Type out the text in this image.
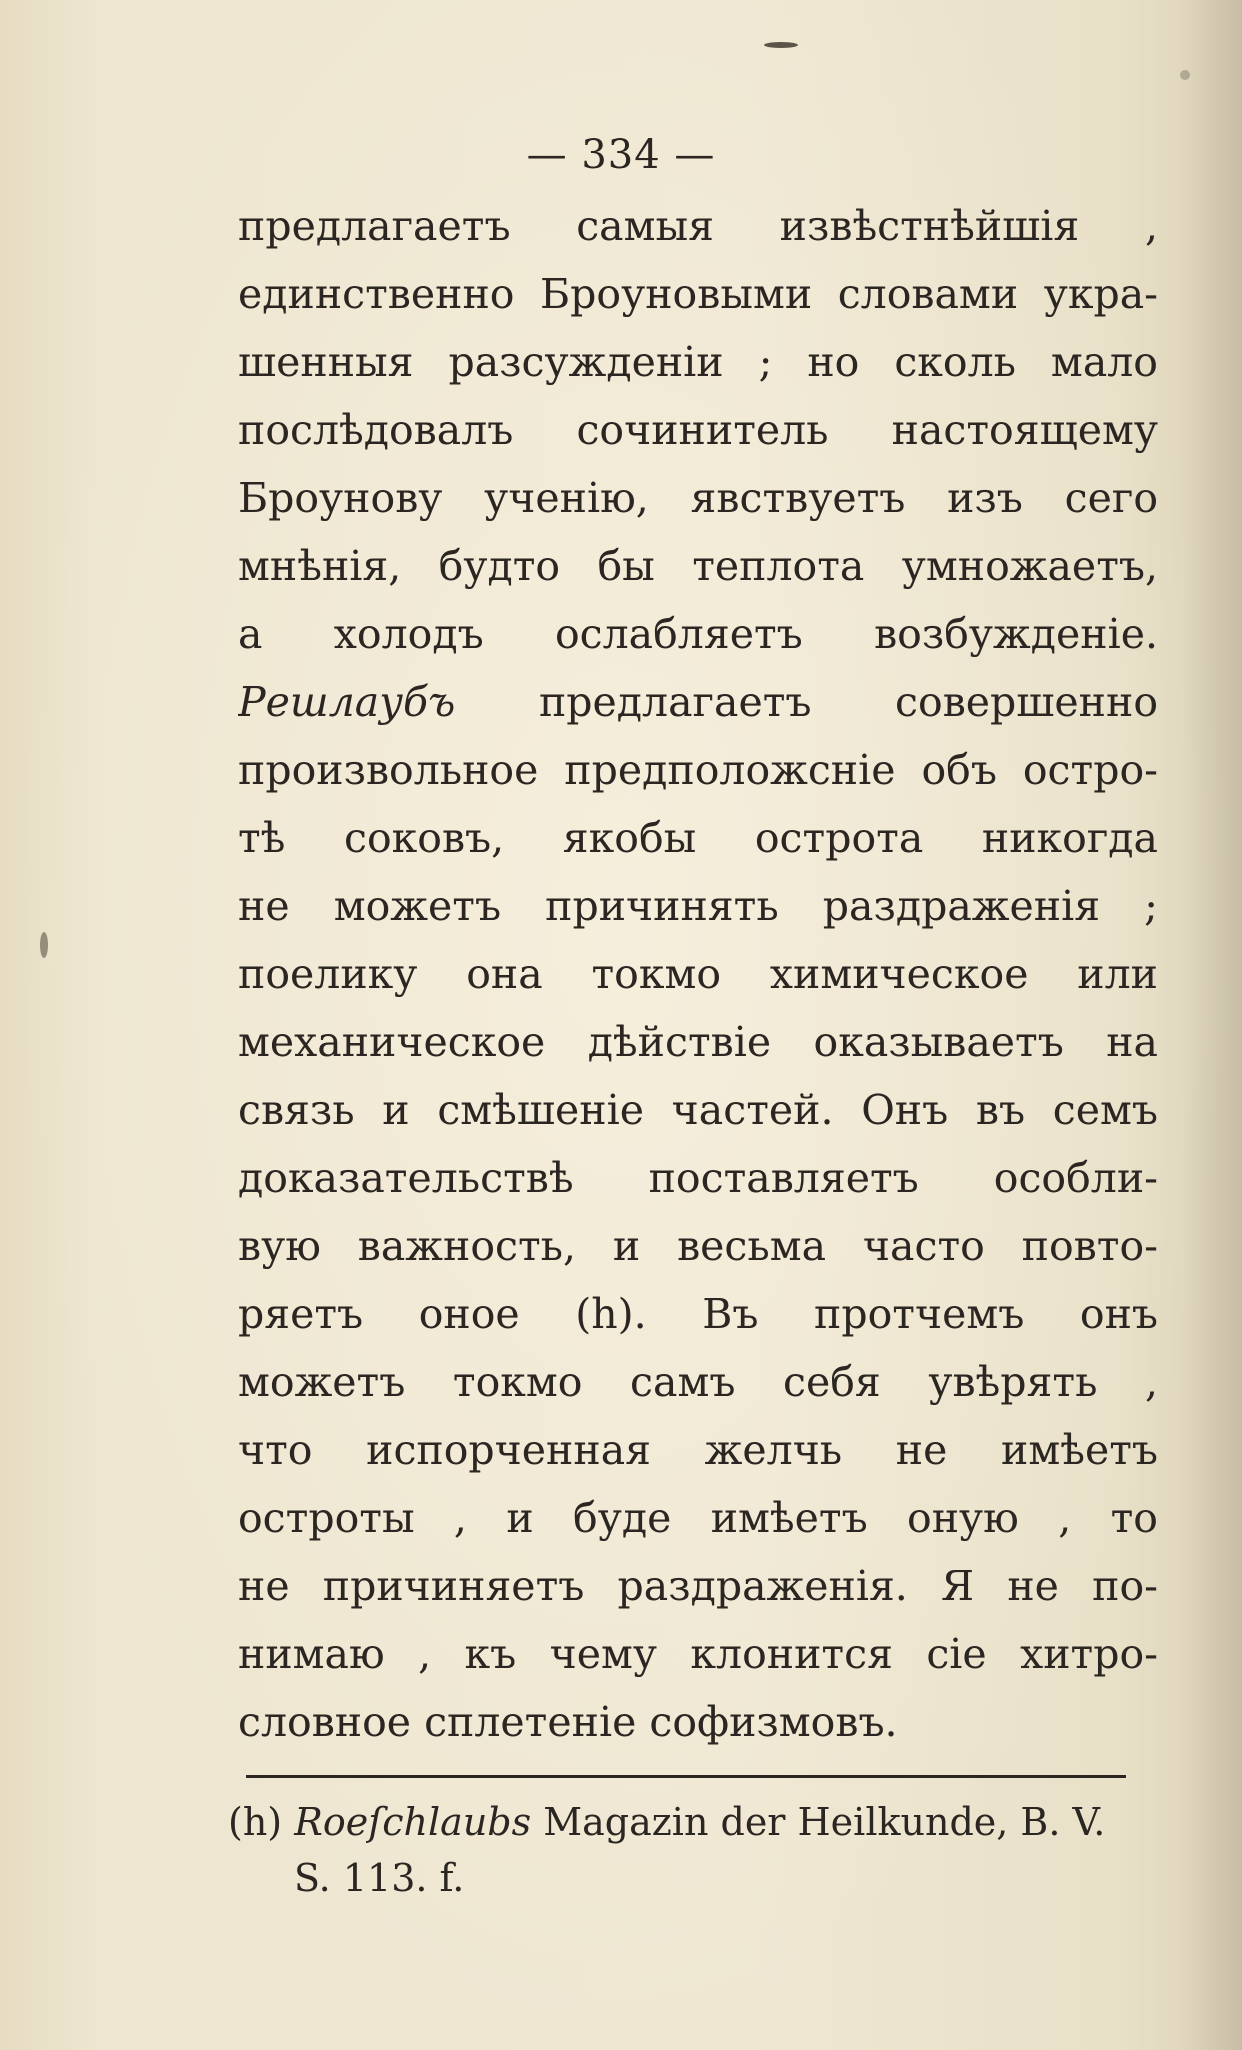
— 334 —
предлагаетъ самыя извѣстнѣйшiя ,
единственно Броуновыми словами укра-
шенныя разсужденiи ; но сколь мало
послѣдовалъ сочинитель настоящему
Броунову ученiю, явствуетъ изъ сего
мнѣнiя, будто бы теплота умножаетъ,
а холодъ ослабляетъ возбужденiе.
Решлаубъ предлагаетъ совершенно
произвольное предположснiе объ остро-
тѣ соковъ, якобы острота никогда
не можетъ причинять раздраженiя ;
поелику она токмо химическое или
механическое дѣйствiе оказываетъ на
связь и смѣшенiе частей. Онъ въ семъ
доказательствѣ поставляетъ особли-
вую важность, и весьма часто повто-
ряетъ оное (h). Въ протчемъ онъ
можетъ токмо самъ себя увѣрять ,
что испорченная желчь не имѣетъ
остроты , и буде имѣетъ оную , то
не причиняетъ раздраженiя. Я не по-
нимаю , къ чему клонится сiе хитро-
словное сплетенiе софизмовъ.
(h) Roeſchlaubs Magazin der Heilkunde, B. V.
S. 113. f.
